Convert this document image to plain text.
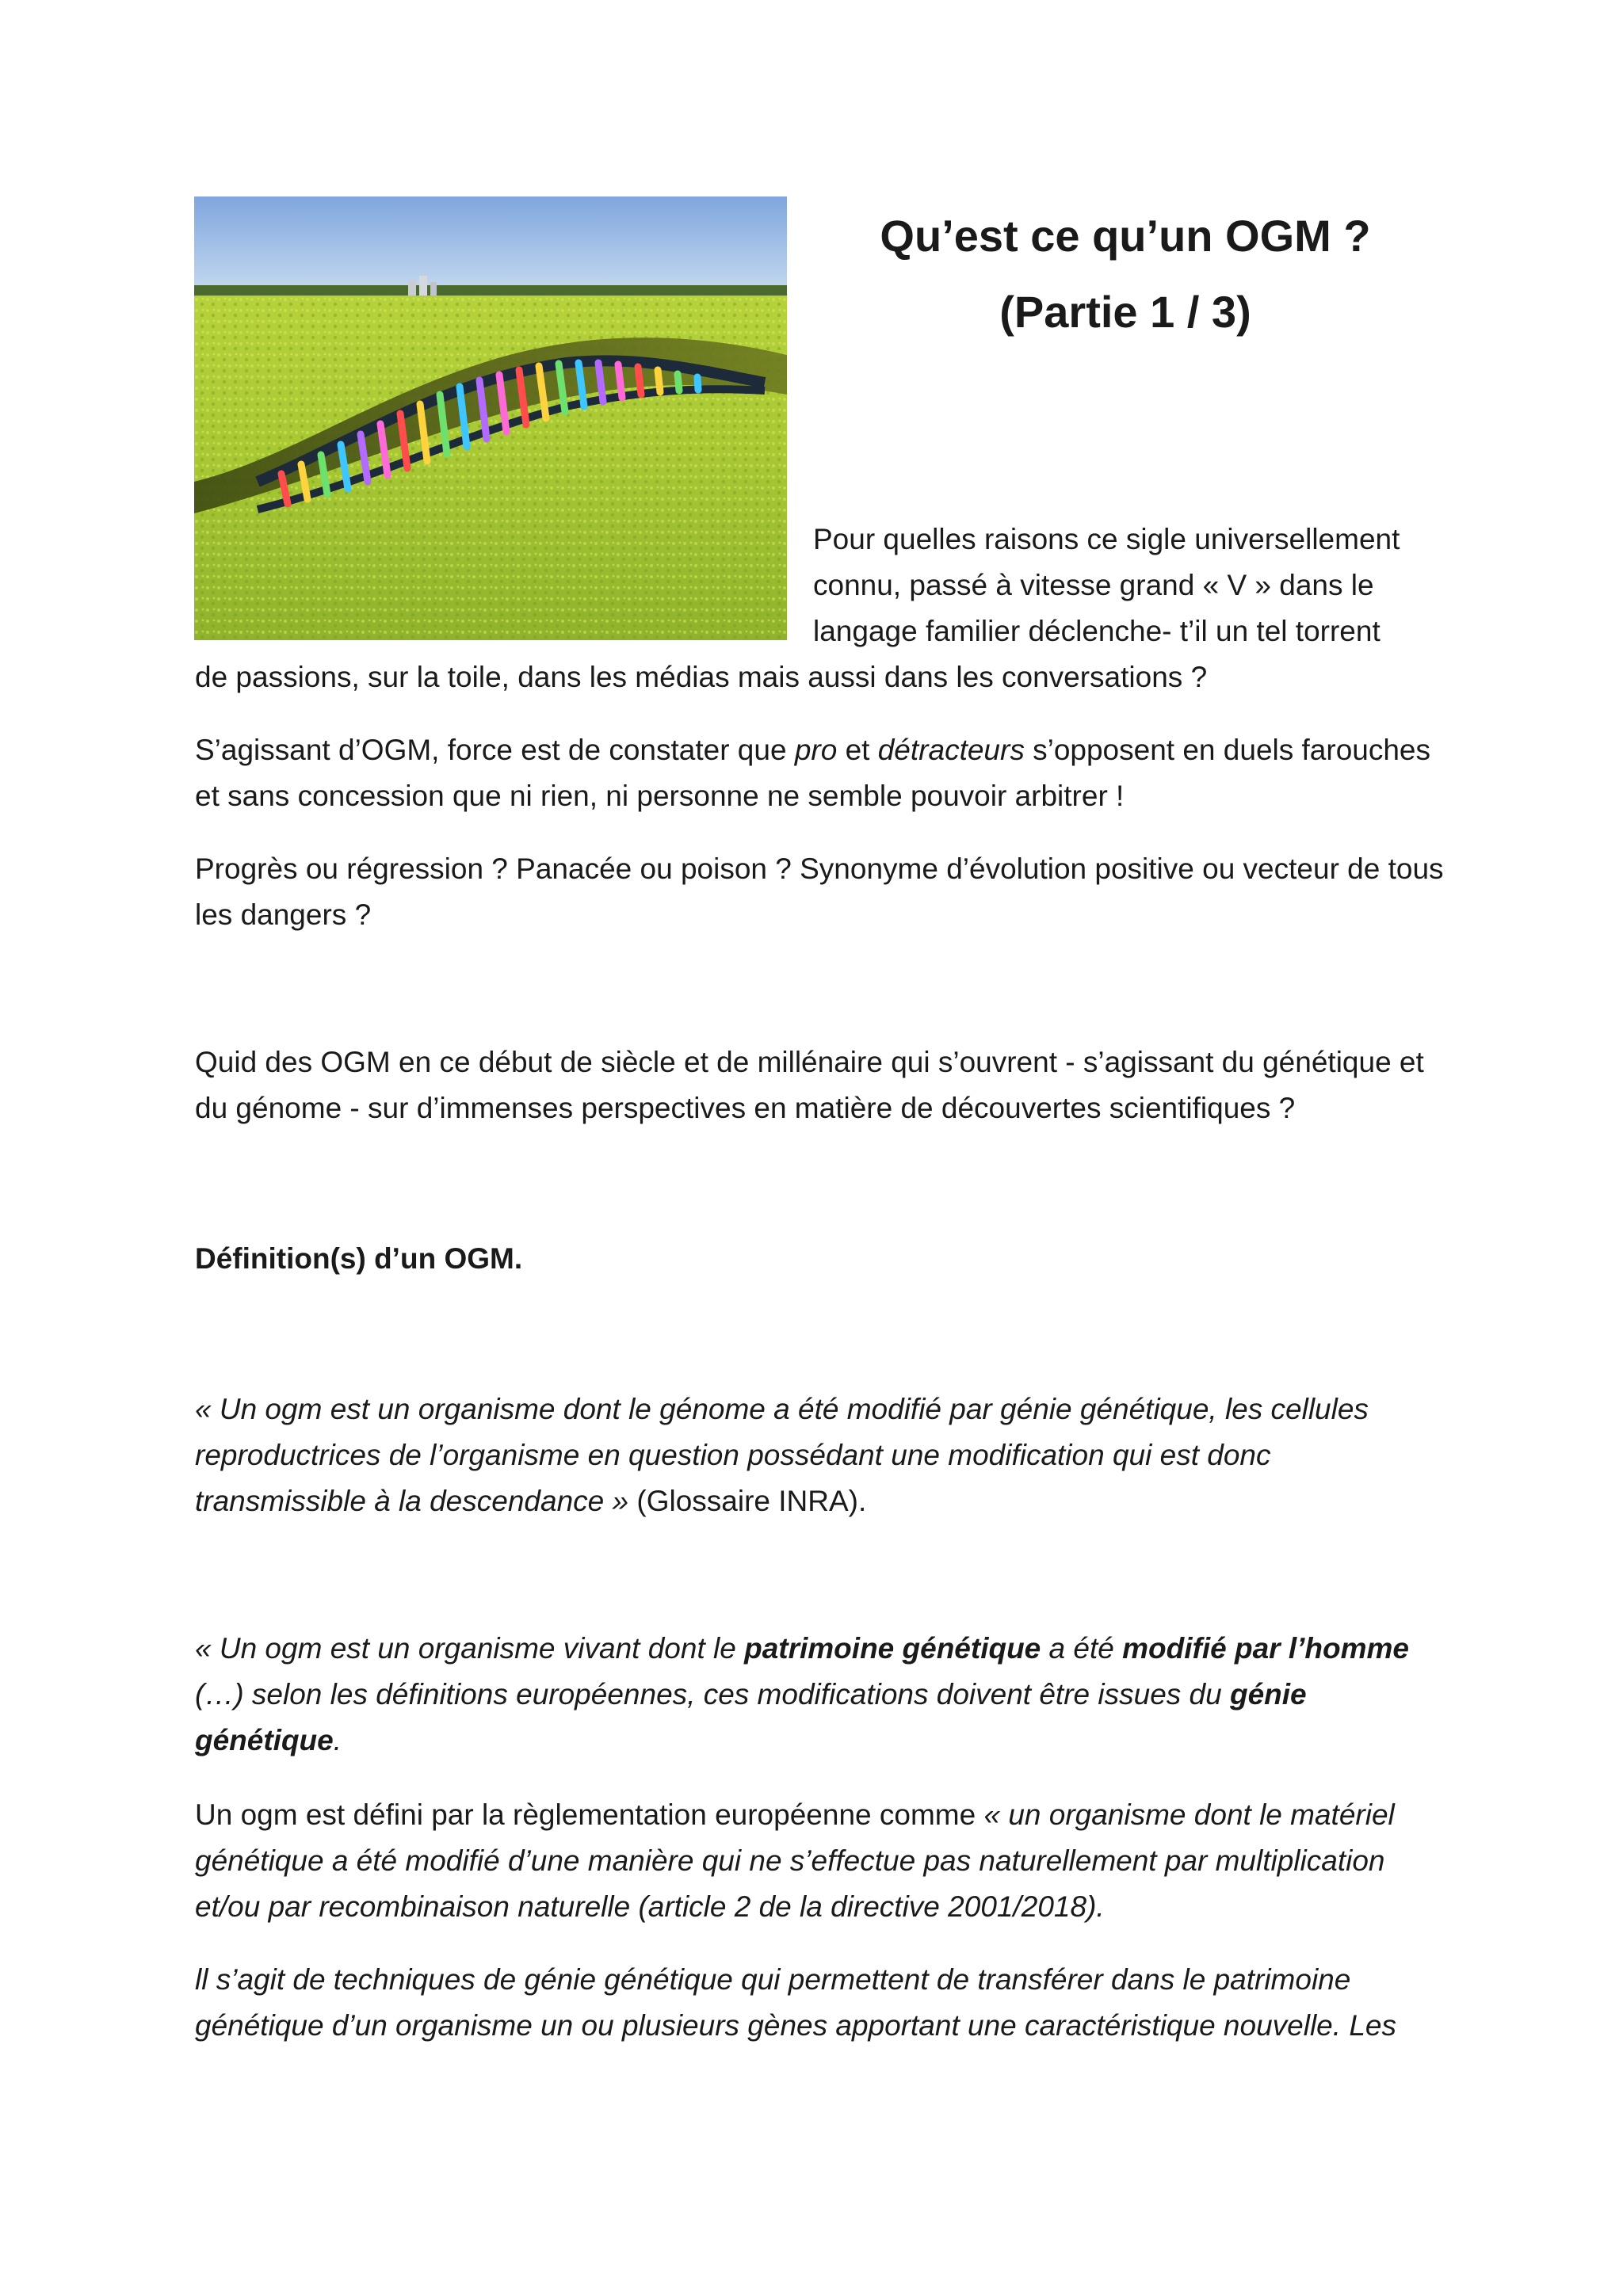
Qu’est ce qu’un OGM ?
(Partie 1 / 3)

Pour quelles raisons ce sigle universellement
connu, passé à vitesse grand « V » dans le
langage familier déclenche- t’il un tel torrent

de passions, sur la toile, dans les médias mais aussi dans les conversations ?

S’agissant d’OGM, force est de constater que pro et détracteurs s’opposent en duels farouches et sans concession que ni rien, ni personne ne semble pouvoir arbitrer !

Progrès ou régression ? Panacée ou poison ? Synonyme d’évolution positive ou vecteur de tous les dangers ?

Quid des OGM en ce début de siècle et de millénaire qui s’ouvrent - s’agissant du génétique et du génome - sur d’immenses perspectives en matière de découvertes scientifiques ?

Définition(s) d’un OGM.

« Un ogm est un organisme dont le génome a été modifié par génie génétique, les cellules reproductrices de l’organisme en question possédant une modification qui est donc transmissible à la descendance » (Glossaire INRA).

« Un ogm est un organisme vivant dont le patrimoine génétique a été modifié par l’homme (…) selon les définitions européennes, ces modifications doivent être issues du génie génétique.

Un ogm est défini par la règlementation européenne comme « un organisme dont le matériel génétique a été modifié d’une manière qui ne s’effectue pas naturellement par multiplication et/ou par recombinaison naturelle (article 2 de la directive 2001/2018).

ll s’agit de techniques de génie génétique qui permettent de transférer dans le patrimoine génétique d’un organisme un ou plusieurs gènes apportant une caractéristique nouvelle. Les
